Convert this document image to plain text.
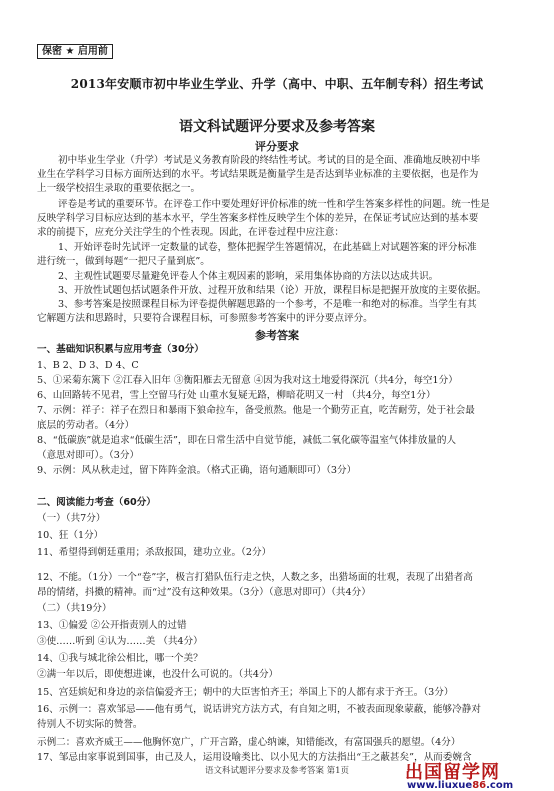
保密 ★ 启用前
2013年安顺市初中毕业生学业、升学（高中、中职、五年制专科）招生考试
语文科试题评分要求及参考答案
评分要求
初中毕业生学业（升学）考试是义务教育阶段的终结性考试。考试的目的是全面、准确地反映初中毕
业生在学科学习目标方面所达到的水平。考试结果既是衡量学生是否达到毕业标准的主要依据，也是作为
上一级学校招生录取的重要依据之一。
评卷是考试的重要环节。在评卷工作中要处理好评价标准的统一性和学生答案多样性的问题。统一性是
反映学科学习目标应达到的基本水平，学生答案多样性反映学生个体的差异，在保证考试应达到的基本要
求的前提下，应充分关注学生的个性表现。因此，在评卷过程中应注意：
1、开始评卷时先试评一定数量的试卷，整体把握学生答题情况，在此基础上对试题答案的评分标准
进行统一，做到每题“一把尺子量到底”。
2、主观性试题要尽量避免评卷人个体主观因素的影响，采用集体协商的方法以达成共识。
3、开放性试题包括试题条件开放、过程开放和结果（论）开放，课程目标是把握开放度的主要依据。
3、参考答案是按照课程目标为评卷提供解题思路的一个参考，不是唯一和绝对的标准。当学生有其
它解题方法和思路时，只要符合课程目标，可参照参考答案中的评分要点评分。
参考答案
一、基础知识积累与应用考查（30分）
1、B 2、D 3、D 4、C
5、①采菊东篱下 ②江春入旧年 ③衡阳雁去无留意 ④因为我对这土地爱得深沉（共4分，每空1分）
6、山回路转不见君，雪上空留马行处 山重水复疑无路，柳暗花明又一村 （共4分，每空1分）
7、示例：祥子：祥子在烈日和暴雨下狼命拉车，备受煎熬。他是一个勤劳正直，吃苦耐劳，处于社会最
底层的劳动者。（4分）
8、“低碳族”就是追求“低碳生活”，即在日常生活中自觉节能，减低二氧化碳等温室气体排放量的人
（意思对即可）。（3分）
9、示例：风从秋走过，留下阵阵金浪。（格式正确，语句通顺即可）（3分）
二、阅读能力考查（60分）
（一）（共7分）
10、狂（1分）
11、希望得到朝廷重用；杀敌报国，建功立业。（2分）
12、不能。（1分）一个“卷”字，极言打猎队伍行走之快，人数之多，出猎场面的壮观，表现了出猎者高
昂的情绪，抖擞的精神。而“过”没有这种效果。（3分）（意思对即可）（共4分）
（二）（共19分）
13、①偏爱 ②公开指责别人的过错
③使……听到 ④认为……美 （共4分）
14、①我与城北徐公相比，哪一个美？
②满一年以后，即使想进谏，也没什么可说的。（共4分）
15、宫廷嫔妃和身边的亲信偏爱齐王；朝中的大臣害怕齐王；举国上下的人都有求于齐王。（3分）
16、示例一：喜欢邹忌——他有勇气，说话讲究方法方式，有自知之明，不被表面现象蒙蔽，能够冷静对
待别人不切实际的赞誉。
示例二：喜欢齐威王——他胸怀宽广，广开言路，虚心纳谏，知错能改，有富国强兵的愿望。（4分）
17、邹忌由家事说到国事，由己及人，运用设喻类比、以小见大的方法指出“王之蔽甚矣”，从而委婉含
语文科试题评分要求及参考答案 第1页	出国留学网
www.liuxue86.com
